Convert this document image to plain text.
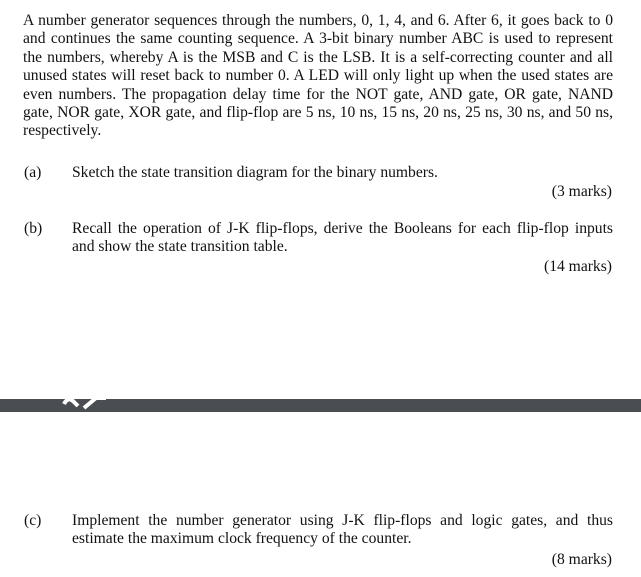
A number generator sequences through the numbers, 0, 1, 4, and 6. After 6, it goes back to 0 and continues the same counting sequence. A 3-bit binary number ABC is used to represent the numbers, whereby A is the MSB and C is the LSB. It is a self-correcting counter and all unused states will reset back to number 0. A LED will only light up when the used states are even numbers. The propagation delay time for the NOT gate, AND gate, OR gate, NAND gate, NOR gate, XOR gate, and flip-flop are 5 ns, 10 ns, 15 ns, 20 ns, 25 ns, 30 ns, and 50 ns, respectively.

(a) Sketch the state transition diagram for the binary numbers.

(3 marks)

(b) Recall the operation of J-K flip-flops, derive the Booleans for each flip-flop inputs and show the state transition table.

(14 marks)

(c) Implement the number generator using J-K flip-flops and logic gates, and thus estimate the maximum clock frequency of the counter.

(8 marks)
